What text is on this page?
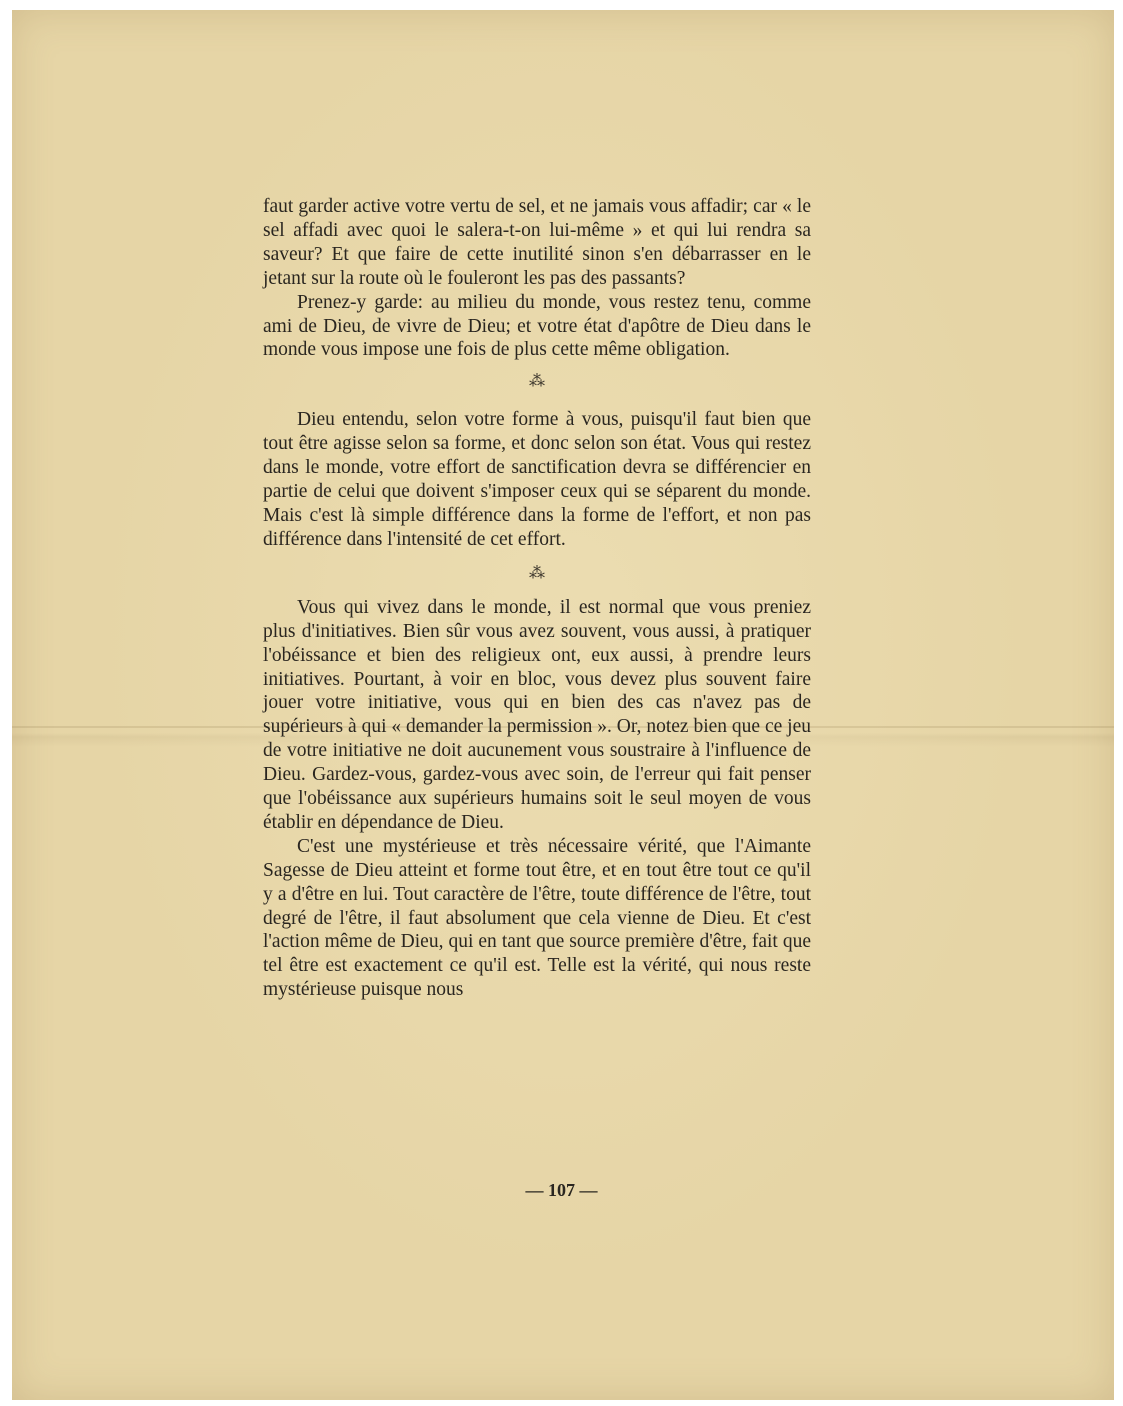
faut garder active votre vertu de sel, et ne jamais vous affadir; car « le sel affadi avec quoi le salera-t-on lui-même » et qui lui rendra sa saveur? Et que faire de cette inutilité sinon s'en débarrasser en le jetant sur la route où le fouleront les pas des passants?

Prenez-y garde: au milieu du monde, vous restez tenu, comme ami de Dieu, de vivre de Dieu; et votre état d'apôtre de Dieu dans le monde vous impose une fois de plus cette même obligation.

⁂

Dieu entendu, selon votre forme à vous, puisqu'il faut bien que tout être agisse selon sa forme, et donc selon son état. Vous qui restez dans le monde, votre effort de sanctification devra se différencier en partie de celui que doivent s'imposer ceux qui se séparent du monde. Mais c'est là simple différence dans la forme de l'effort, et non pas différence dans l'intensité de cet effort.

⁂

Vous qui vivez dans le monde, il est normal que vous preniez plus d'initiatives. Bien sûr vous avez souvent, vous aussi, à pratiquer l'obéissance et bien des religieux ont, eux aussi, à prendre leurs initiatives. Pourtant, à voir en bloc, vous devez plus souvent faire jouer votre initiative, vous qui en bien des cas n'avez pas de supérieurs à qui « demander la permission ». Or, notez bien que ce jeu de votre initiative ne doit aucunement vous soustraire à l'influence de Dieu. Gardez-vous, gardez-vous avec soin, de l'erreur qui fait penser que l'obéissance aux supérieurs humains soit le seul moyen de vous établir en dépendance de Dieu.

C'est une mystérieuse et très nécessaire vérité, que l'Aimante Sagesse de Dieu atteint et forme tout être, et en tout être tout ce qu'il y a d'être en lui. Tout caractère de l'être, toute différence de l'être, tout degré de l'être, il faut absolument que cela vienne de Dieu. Et c'est l'action même de Dieu, qui en tant que source première d'être, fait que tel être est exactement ce qu'il est. Telle est la vérité, qui nous reste mystérieuse puisque nous

— 107 —
